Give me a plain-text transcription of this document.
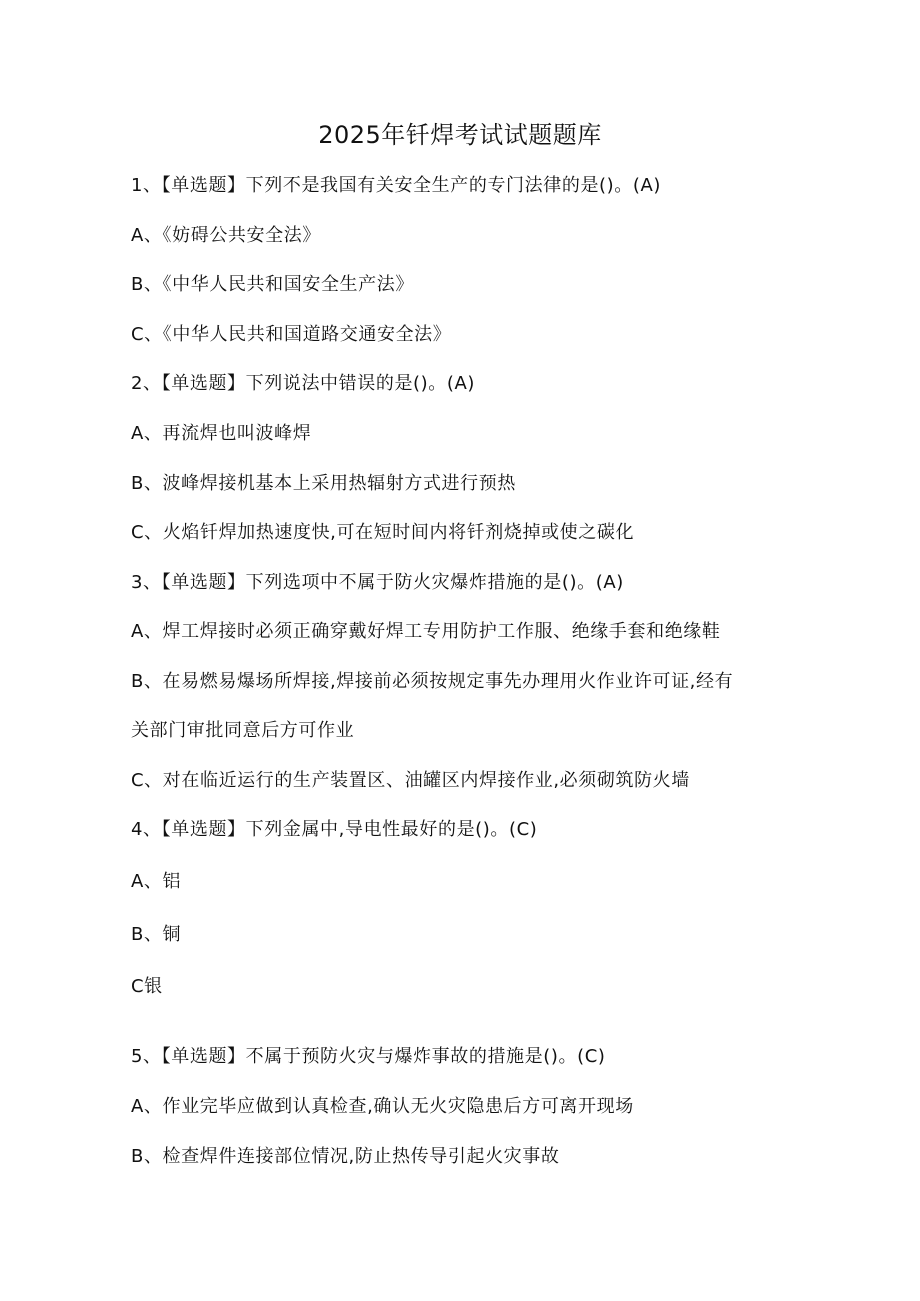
2025年钎焊考试试题题库
1、【单选题】下列不是我国有关安全生产的专门法律的是()。(A)
A、《妨碍公共安全法》
B、《中华人民共和国安全生产法》
C、《中华人民共和国道路交通安全法》
2、【单选题】下列说法中错误的是()。(A)
A、再流焊也叫波峰焊
B、波峰焊接机基本上采用热辐射方式进行预热
C、火焰钎焊加热速度快,可在短时间内将钎剂烧掉或使之碳化
3、【单选题】下列选项中不属于防火灾爆炸措施的是()。(A)
A、焊工焊接时必须正确穿戴好焊工专用防护工作服、绝缘手套和绝缘鞋
B、在易燃易爆场所焊接,焊接前必须按规定事先办理用火作业许可证,经有
关部门审批同意后方可作业
C、对在临近运行的生产装置区、油罐区内焊接作业,必须砌筑防火墙
4、【单选题】下列金属中,导电性最好的是()。(C)
A、铝
B、铜
C银
5、【单选题】不属于预防火灾与爆炸事故的措施是()。(C)
A、作业完毕应做到认真检查,确认无火灾隐患后方可离开现场
B、检查焊件连接部位情况,防止热传导引起火灾事故
